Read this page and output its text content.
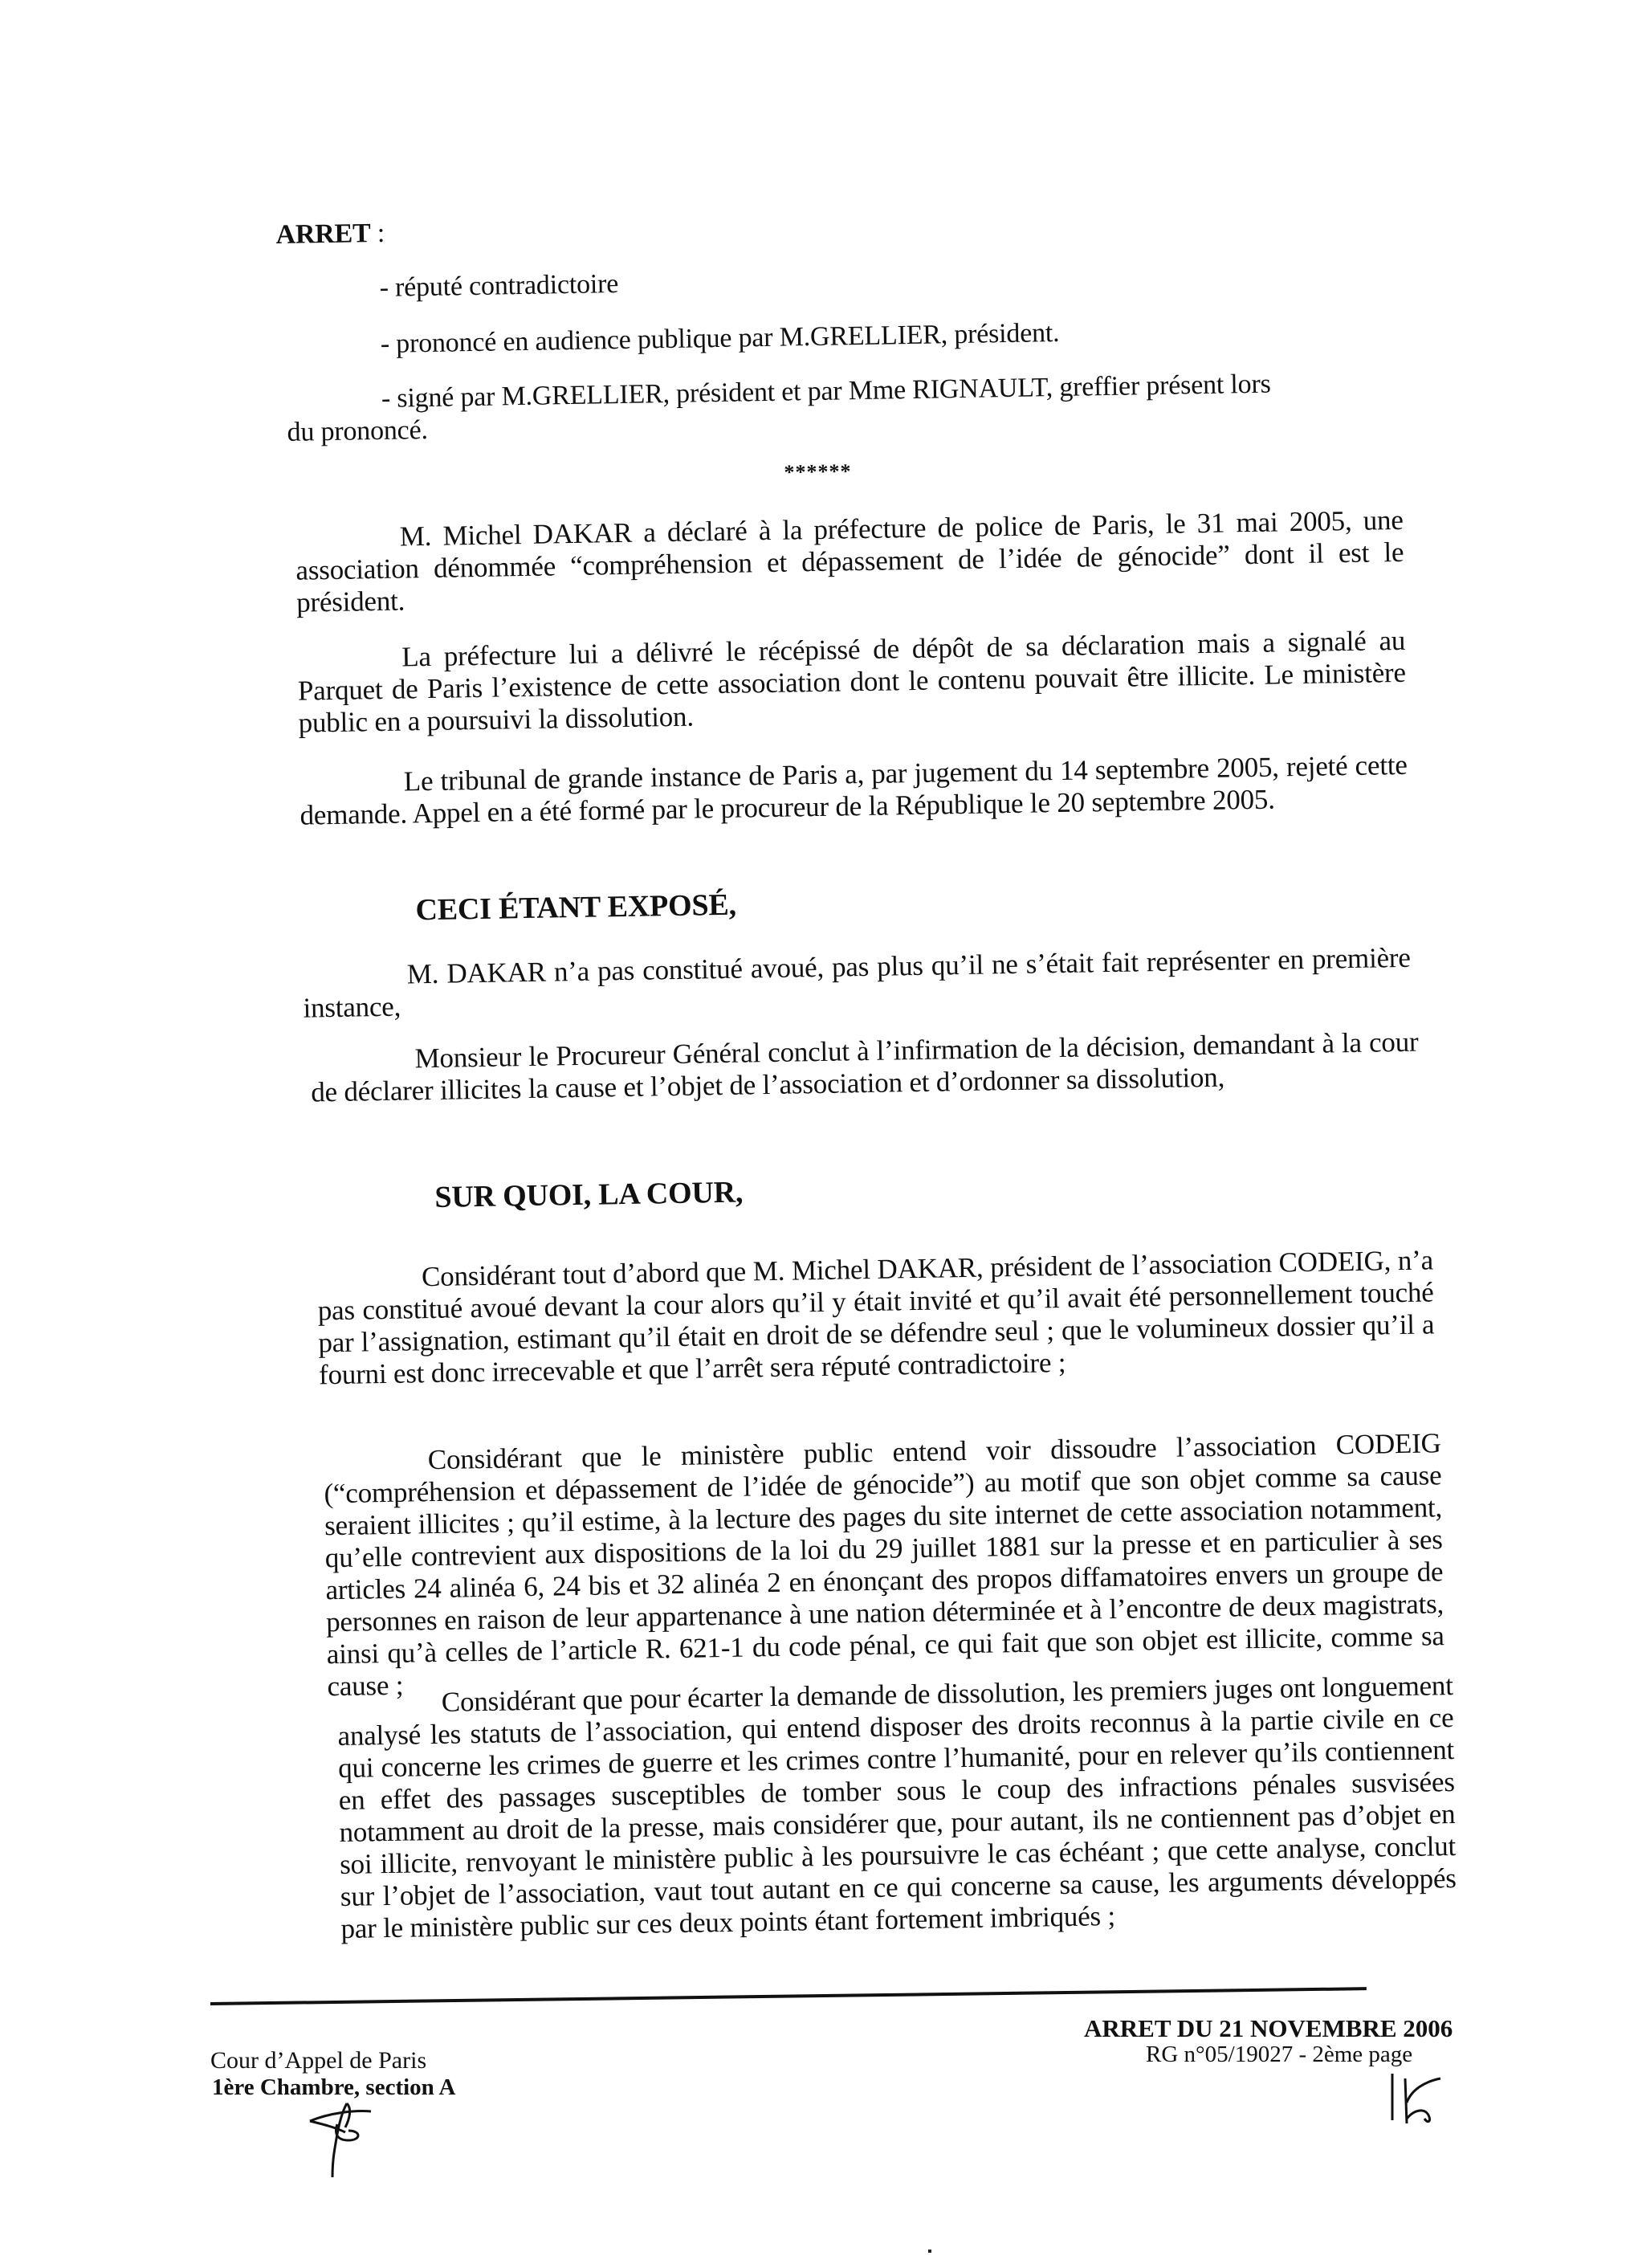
ARRET :
- réputé contradictoire
- prononcé en audience publique par M.GRELLIER, président.
- signé par M.GRELLIER, président et par Mme RIGNAULT, greffier présent lors
du prononcé.
******

M. Michel DAKAR a déclaré à la préfecture de police de Paris, le 31 mai 2005, une association dénommée “compréhension et dépassement de l’idée de génocide” dont il est le président.

La préfecture lui a délivré le récépissé de dépôt de sa déclaration mais a signalé au Parquet de Paris l’existence de cette association dont le contenu pouvait être illicite. Le ministère public en a poursuivi la dissolution.

Le tribunal de grande instance de Paris a, par jugement du 14 septembre 2005, rejeté cette demande. Appel en a été formé par le procureur de la République le 20 septembre 2005.

CECI ÉTANT EXPOSÉ,

M. DAKAR n’a pas constitué avoué, pas plus qu’il ne s’était fait représenter en première instance,

Monsieur le Procureur Général conclut à l’infirmation de la décision, demandant à la cour de déclarer illicites la cause et l’objet de l’association et d’ordonner sa dissolution,

SUR QUOI, LA COUR,

Considérant tout d’abord que M. Michel DAKAR, président de l’association CODEIG, n’a pas constitué avoué devant la cour alors qu’il y était invité et qu’il avait été personnellement touché par l’assignation, estimant qu’il était en droit de se défendre seul ; que le volumineux dossier qu’il a fourni est donc irrecevable et que l’arrêt sera réputé contradictoire ;

Considérant que le ministère public entend voir dissoudre l’association CODEIG (“compréhension et dépassement de l’idée de génocide”) au motif que son objet comme sa cause seraient illicites ; qu’il estime, à la lecture des pages du site internet de cette association notamment, qu’elle contrevient aux dispositions de la loi du 29 juillet 1881 sur la presse et en particulier à ses articles 24 alinéa 6, 24 bis et 32 alinéa 2 en énonçant des propos diffamatoires envers un groupe de personnes en raison de leur appartenance à une nation déterminée et à l’encontre de deux magistrats, ainsi qu’à celles de l’article R. 621-1 du code pénal, ce qui fait que son objet est illicite, comme sa cause ;	Considérant que pour écarter la demande de dissolution, les premiers juges ont longuement analysé les statuts de l’association, qui entend disposer des droits reconnus à la partie civile en ce qui concerne les crimes de guerre et les crimes contre l’humanité, pour en relever qu’ils contiennent en effet des passages susceptibles de tomber sous le coup des infractions pénales susvisées notamment au droit de la presse, mais considérer que, pour autant, ils ne contiennent pas d’objet en soi illicite, renvoyant le ministère public à les poursuivre le cas échéant ; que cette analyse, conclut sur l’objet de l’association, vaut tout autant en ce qui concerne sa cause, les arguments développés par le ministère public sur ces deux points étant fortement imbriqués ;

Cour d’Appel de Paris
1ère Chambre, section A
ARRET DU 21 NOVEMBRE 2006
RG n°05/19027 - 2ème page
